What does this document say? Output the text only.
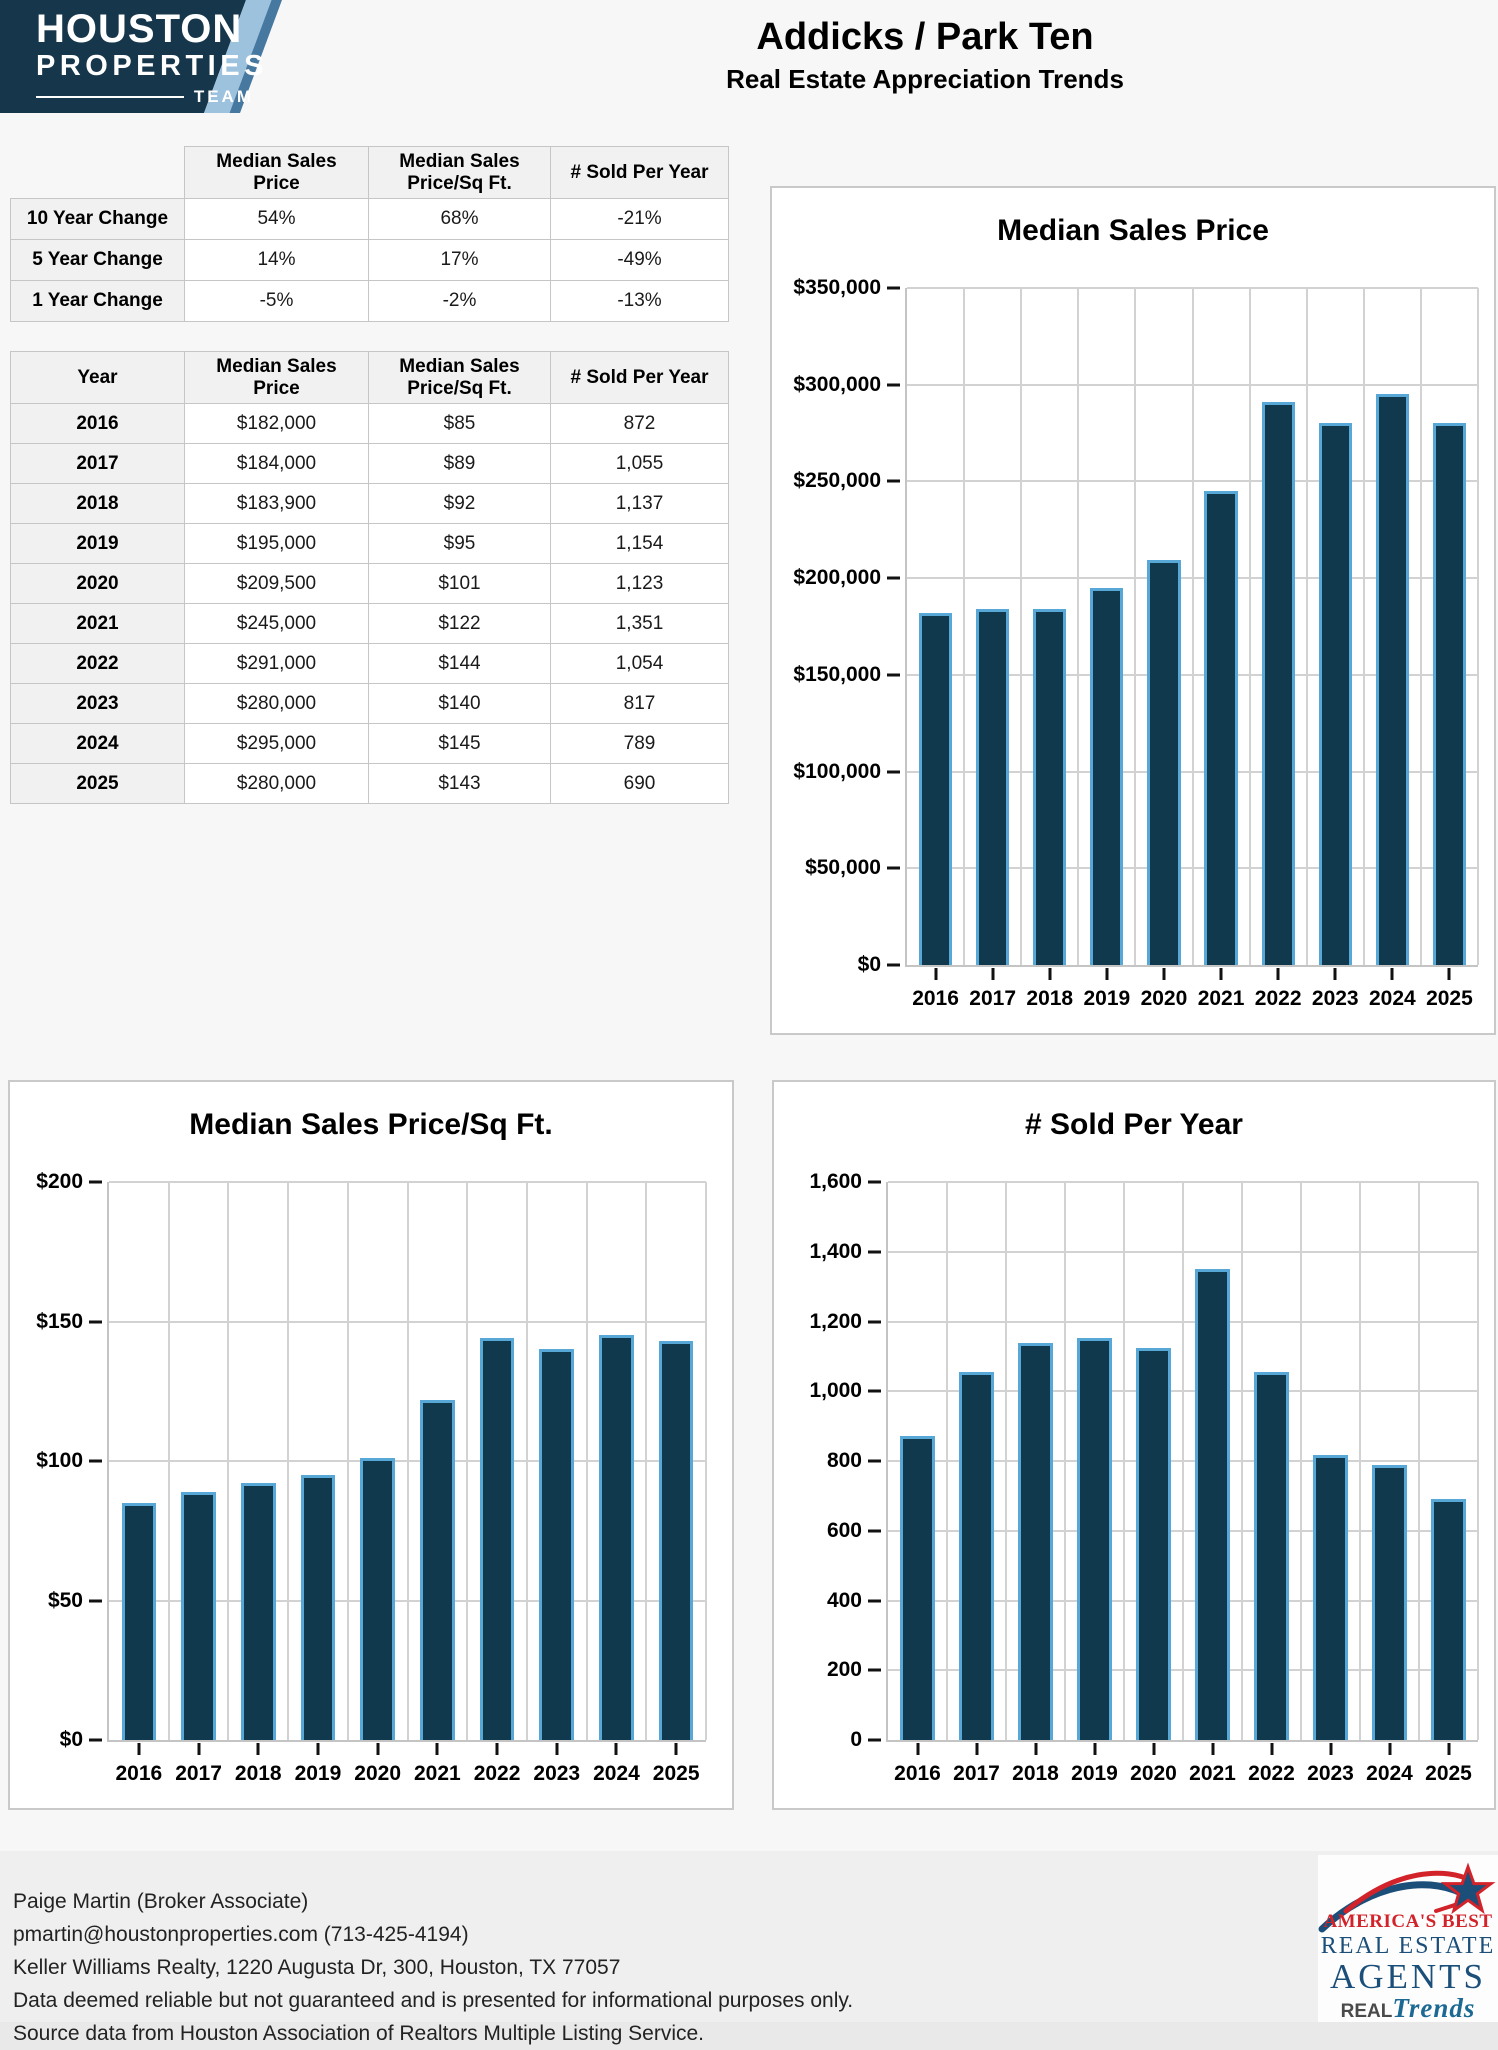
HOUSTON
PROPERTIES
TEAM
Addicks / Park Ten
Real Estate Appreciation Trends
	Median Sales Price	Median Sales Price/Sq Ft.	# Sold Per Year
10 Year Change	54%	68%	-21%
5 Year Change	14%	17%	-49%
1 Year Change	-5%	-2%	-13%
Year	Median Sales Price	Median Sales Price/Sq Ft.	# Sold Per Year
2016	$182,000	$85	872
2017	$184,000	$89	1,055
2018	$183,900	$92	1,137
2019	$195,000	$95	1,154
2020	$209,500	$101	1,123
2021	$245,000	$122	1,351
2022	$291,000	$144	1,054
2023	$280,000	$140	817
2024	$295,000	$145	789
2025	$280,000	$143	690
Median Sales Price
$350,000
$300,000
$250,000
$200,000
$150,000
$100,000
$50,000
$0
2016 2017 2018 2019 2020 2021 2022 2023 2024 2025
Median Sales Price/Sq Ft.
$200
$150
$100
$50
$0
2016 2017 2018 2019 2020 2021 2022 2023 2024 2025
# Sold Per Year
1,600
1,400
1,200
1,000
800
600
400
200
0
2016 2017 2018 2019 2020 2021 2022 2023 2024 2025
Paige Martin (Broker Associate)
pmartin@houstonproperties.com (713-425-4194)
Keller Williams Realty, 1220 Augusta Dr, 300, Houston, TX 77057
Data deemed reliable but not guaranteed and is presented for informational purposes only.
Source data from Houston Association of Realtors Multiple Listing Service.
AMERICA'S BEST
REAL ESTATE
AGENTS
REALTrends
